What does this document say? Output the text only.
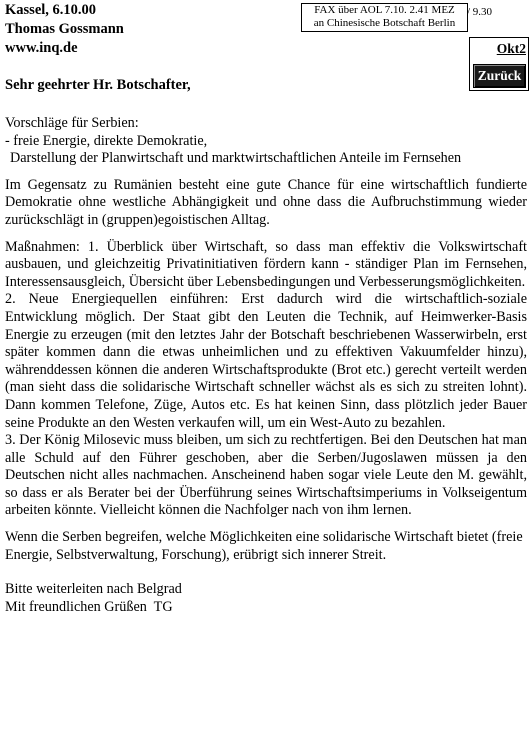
Kassel, 6.10.00
Thomas Gossmann
www.inq.de
FAX über AOL 7.10. 2.41 MEZ
an Chinesische Botschaft Berlin
/ 9.30
Okt2
Zurück
Sehr geehrter Hr. Botschafter,
Vorschläge für Serbien:
- freie Energie, direkte Demokratie,
Darstellung der Planwirtschaft und marktwirtschaftlichen Anteile im Fernsehen

Im Gegensatz zu Rumänien besteht eine gute Chance für eine wirtschaftlich fundierte Demokratie ohne westliche Abhängigkeit und ohne dass die Aufbruchstimmung wieder zurückschlägt in (gruppen)egoistischen Alltag.

Maßnahmen: 1. Überblick über Wirtschaft, so dass man effektiv die Volkswirtschaft ausbauen, und gleichzeitig Privatinitiativen fördern kann - ständiger Plan im Fernsehen, Interessensausgleich, Übersicht über Lebensbedingungen und Verbesserungsmöglichkeiten.

2. Neue Energiequellen einführen: Erst dadurch wird die wirtschaftlich-soziale Entwicklung möglich. Der Staat gibt den Leuten die Technik, auf Heimwerker-Basis Energie zu erzeugen (mit den letztes Jahr der Botschaft beschriebenen Wasserwirbeln, erst später kommen dann die etwas unheimlichen und zu effektiven Vakuumfelder hinzu), währenddessen können die anderen Wirtschaftsprodukte (Brot etc.) gerecht verteilt werden (man sieht dass die solidarische Wirtschaft schneller wächst als es sich zu streiten lohnt). Dann kommen Telefone, Züge, Autos etc. Es hat keinen Sinn, dass plötzlich jeder Bauer seine Produkte an den Westen verkaufen will, um ein West-Auto zu bezahlen.

3. Der König Milosevic muss bleiben, um sich zu rechtfertigen. Bei den Deutschen hat man alle Schuld auf den Führer geschoben, aber die Serben/Jugoslawen müssen ja den Deutschen nicht alles nachmachen. Anscheinend haben sogar viele Leute den M. gewählt, so dass er als Berater bei der Überführung seines Wirtschaftsimperiums in Volkseigentum arbeiten könnte. Vielleicht können die Nachfolger nach von ihm lernen.

Wenn die Serben begreifen, welche Möglichkeiten eine solidarische Wirtschaft bietet (freie Energie, Selbstverwaltung, Forschung), erübrigt sich innerer Streit.

Bitte weiterleiten nach Belgrad
Mit freundlichen Grüßen  TG
